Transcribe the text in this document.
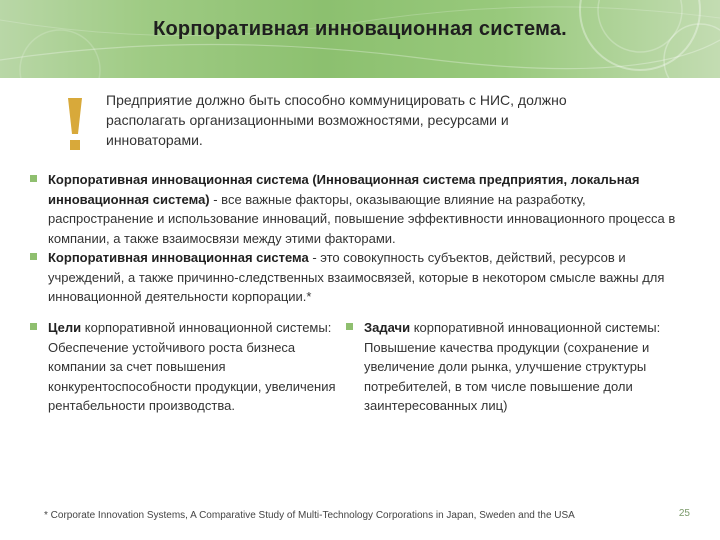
Корпоративная инновационная система.
Предприятие должно быть способно коммуницировать с НИС, должно располагать организационными возможностями, ресурсами и инноваторами.
Корпоративная инновационная система (Инновационная система предприятия, локальная инновационная система) - все важные факторы, оказывающие влияние на разработку, распространение и использование инноваций, повышение эффективности инновационного процесса в компании, а также взаимосвязи между этими факторами.
Корпоративная инновационная система - это совокупность субъектов, действий, ресурсов и учреждений, а также причинно-следственных взаимосвязей, которые в некотором смысле важны для инновационной деятельности корпорации.*
Цели корпоративной инновационной системы: Обеспечение устойчивого роста бизнеса компании за счет повышения конкурентоспособности продукции, увеличения рентабельности производства.
Задачи корпоративной инновационной системы: Повышение качества продукции (сохранение и увеличение доли рынка, улучшение структуры потребителей, в том числе повышение доли заинтересованных лиц)
* Corporate Innovation Systems, A Comparative Study of Multi-Technology Corporations in Japan, Sweden and the USA	25
